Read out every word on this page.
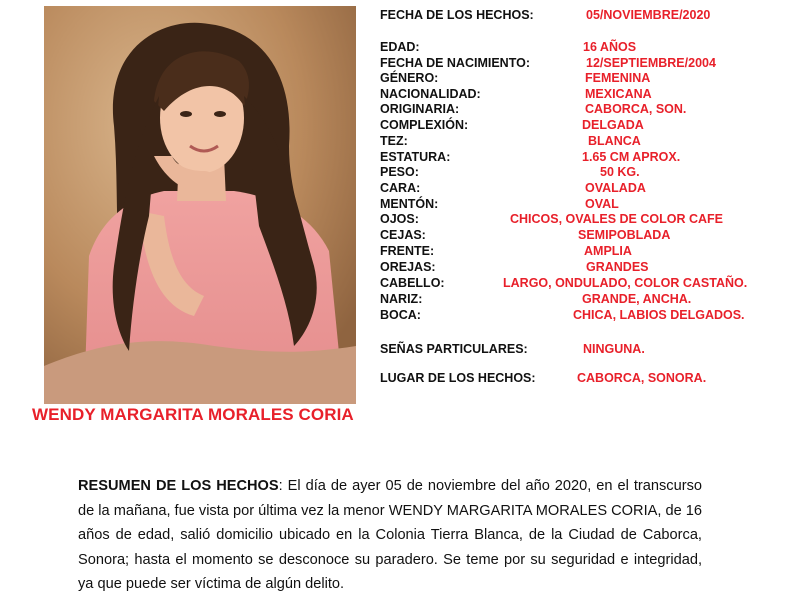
WENDY MARGARITA MORALES CORIA
FECHA DE LOS HECHOS:	05/NOVIEMBRE/2020
EDAD:	16 AÑOS
FECHA DE NACIMIENTO:	12/SEPTIEMBRE/2004
GÉNERO:	FEMENINA
NACIONALIDAD:	MEXICANA
ORIGINARIA:	CABORCA, SON.
COMPLEXIÓN:	DELGADA
TEZ:	BLANCA
ESTATURA:	1.65 CM APROX.
PESO:	50 KG.
CARA:	OVALADA
MENTÓN:	OVAL
OJOS:	CHICOS, OVALES DE COLOR CAFE
CEJAS:	SEMIPOBLADA
FRENTE:	AMPLIA
OREJAS:	GRANDES
CABELLO:	LARGO, ONDULADO, COLOR CASTAÑO.
NARIZ:	GRANDE, ANCHA.
BOCA:	CHICA, LABIOS DELGADOS.
SEÑAS PARTICULARES:	NINGUNA.
LUGAR DE LOS HECHOS:	CABORCA, SONORA.
RESUMEN DE LOS HECHOS: El día de ayer 05 de noviembre del año 2020, en el transcurso de la mañana, fue vista por última vez la menor WENDY MARGARITA MORALES CORIA, de 16 años de edad, salió domicilio ubicado en la Colonia Tierra Blanca, de la Ciudad de Caborca, Sonora; hasta el momento se desconoce su paradero. Se teme por su seguridad e integridad, ya que puede ser víctima de algún delito.
